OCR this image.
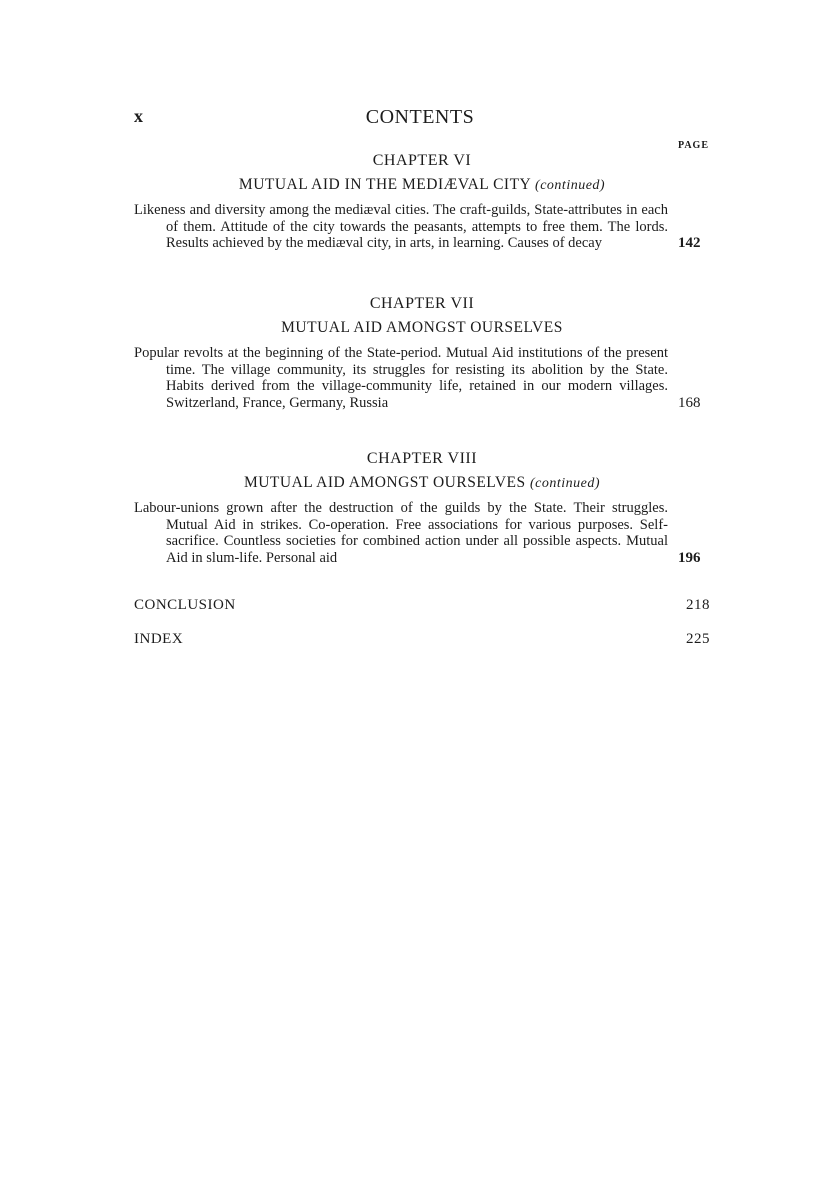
x	CONTENTS
PAGE
CHAPTER VI
MUTUAL AID IN THE MEDIÆVAL CITY (continued)
Likeness and diversity among the mediæval cities. The craft-guilds, State-attributes in each of them. Attitude of the city towards the peasants, attempts to free them. The lords. Results achieved by the mediæval city, in arts, in learning. Causes of decay	142
CHAPTER VII
MUTUAL AID AMONGST OURSELVES
Popular revolts at the beginning of the State-period. Mutual Aid institutions of the present time. The village community, its struggles for resisting its abolition by the State. Habits derived from the village-community life, retained in our modern villages. Switzerland, France, Germany, Russia	168
CHAPTER VIII
MUTUAL AID AMONGST OURSELVES (continued)
Labour-unions grown after the destruction of the guilds by the State. Their struggles. Mutual Aid in strikes. Co-operation. Free associations for various purposes. Self-sacrifice. Countless societies for combined action under all possible aspects. Mutual Aid in slum-life. Personal aid	196
CONCLUSION	218
INDEX	225
